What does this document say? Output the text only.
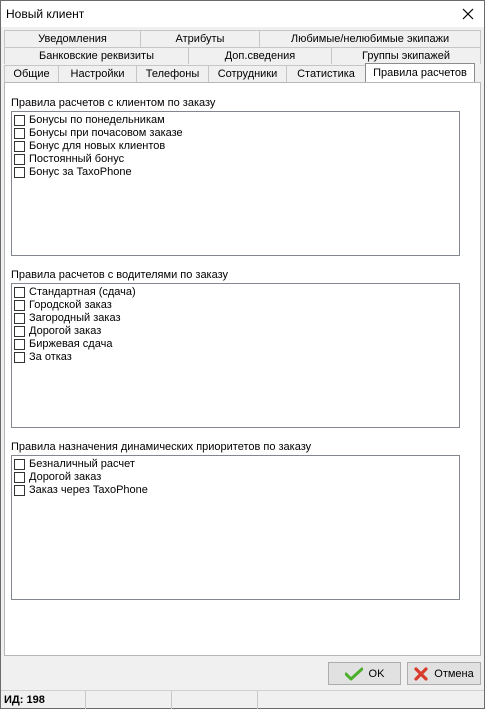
Новый клиент
Уведомления	Атрибуты	Любимые/нелюбимые экипажи
Банковские реквизиты	Доп.сведения	Группы экипажей
Общие	Настройки	Телефоны	Сотрудники	Статистика	Правила расчетов
Правила расчетов с клиентом по заказу
Бонусы по понедельникам
Бонусы при почасовом заказе
Бонус для новых клиентов
Постоянный бонус
Бонус за TaxoPhone
Правила расчетов с водителями по заказу
Стандартная (сдача)
Городской заказ
Загородный заказ
Дорогой заказ
Биржевая сдача
За отказ
Правила назначения динамических приоритетов по заказу
Безналичный расчет
Дорогой заказ
Заказ через TaxoPhone
OK	Отмена
ИД: 198
